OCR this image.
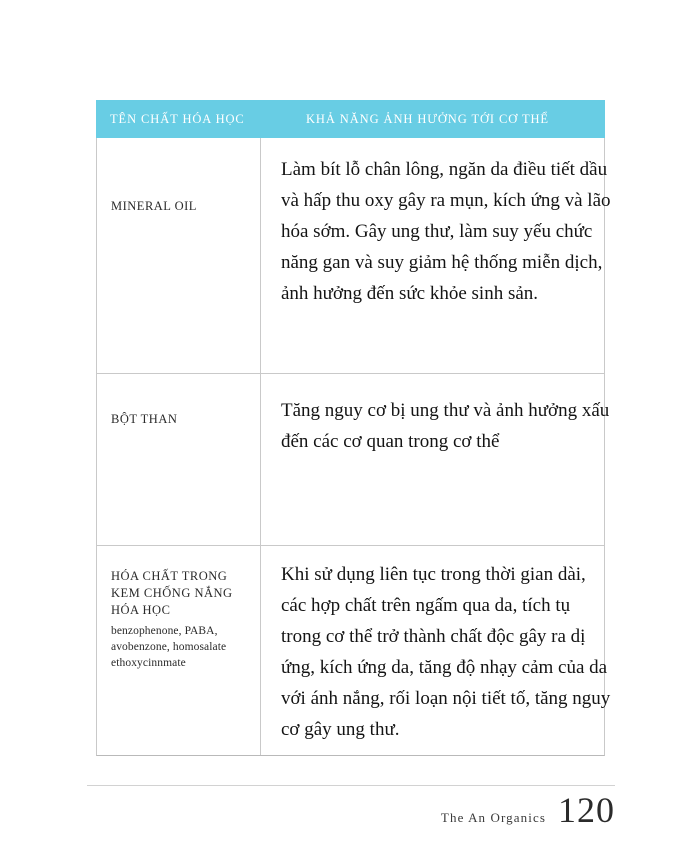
TÊN CHẤT HÓA HỌC	KHẢ NĂNG ẢNH HƯỞNG TỚI CƠ THỂ
MINERAL OIL
Làm bít lỗ chân lông, ngăn da điều tiết dầu và hấp thu oxy gây ra mụn, kích ứng và lão hóa sớm. Gây ung thư, làm suy yếu chức năng gan và suy giảm hệ thống miễn dịch, ảnh hưởng đến sức khỏe sinh sản.
BỘT THAN	Tăng nguy cơ bị ung thư và ảnh hưởng xấu đến các cơ quan trong cơ thể
HÓA CHẤT TRONG KEM CHỐNG NẮNG HÓA HỌC
benzophenone, PABA, avobenzone, homosalate ethoxycinnmate
Khi sử dụng liên tục trong thời gian dài, các hợp chất trên ngấm qua da, tích tụ trong cơ thể trở thành chất độc gây ra dị ứng, kích ứng da, tăng độ nhạy cảm của da với ánh nắng, rối loạn nội tiết tố, tăng nguy cơ gây ung thư.
The An Organics 120
